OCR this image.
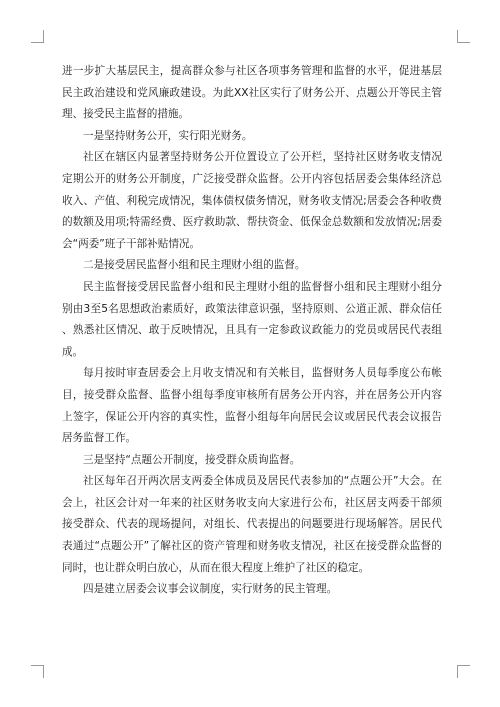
进一步扩大基层民主，提高群众参与社区各项事务管理和监督的水平，促进基层民主政治建设和党风廉政建设。为此XX社区实行了财务公开、点题公开等民主管理、接受民主监督的措施。

一是坚持财务公开，实行阳光财务。

社区在辖区内显著坚持财务公开位置设立了公开栏，坚持社区财务收支情况定期公开的财务公开制度，广泛接受群众监督。公开内容包括居委会集体经济总收入、产值、利税完成情况，集体债权债务情况，财务收支情况;居委会各种收费的数额及用项;特需经费、医疗救助款、帮扶资金、低保金总数额和发放情况;居委会“两委”班子干部补贴情况。

二是接受居民监督小组和民主理财小组的监督。

民主监督接受居民监督小组和民主理财小组的监督督小组和民主理财小组分别由3至5名思想政治素质好，政策法律意识强，坚持原则、公道正派、群众信任、熟悉社区情况、敢于反映情况，且具有一定参政议政能力的党员或居民代表组成。

每月按时审查居委会上月收支情况和有关帐目，监督财务人员每季度公布帐目，接受群众监督、监督小组每季度审核所有居务公开内容，并在居务公开内容上签字，保证公开内容的真实性，监督小组每年向居民会议或居民代表会议报告居务监督工作。

三是坚持“点题公开制度，接受群众质询监督。

社区每年召开两次居支两委全体成员及居民代表参加的“点题公开”大会。在会上，社区会计对一年来的社区财务收支向大家进行公布，社区居支两委干部须接受群众、代表的现场提问，对组长、代表提出的问题要进行现场解答。居民代表通过“点题公开”了解社区的资产管理和财务收支情况，社区在接受群众监督的同时，也让群众明白放心，从而在很大程度上维护了社区的稳定。

四是建立居委会议事会议制度，实行财务的民主管理。
